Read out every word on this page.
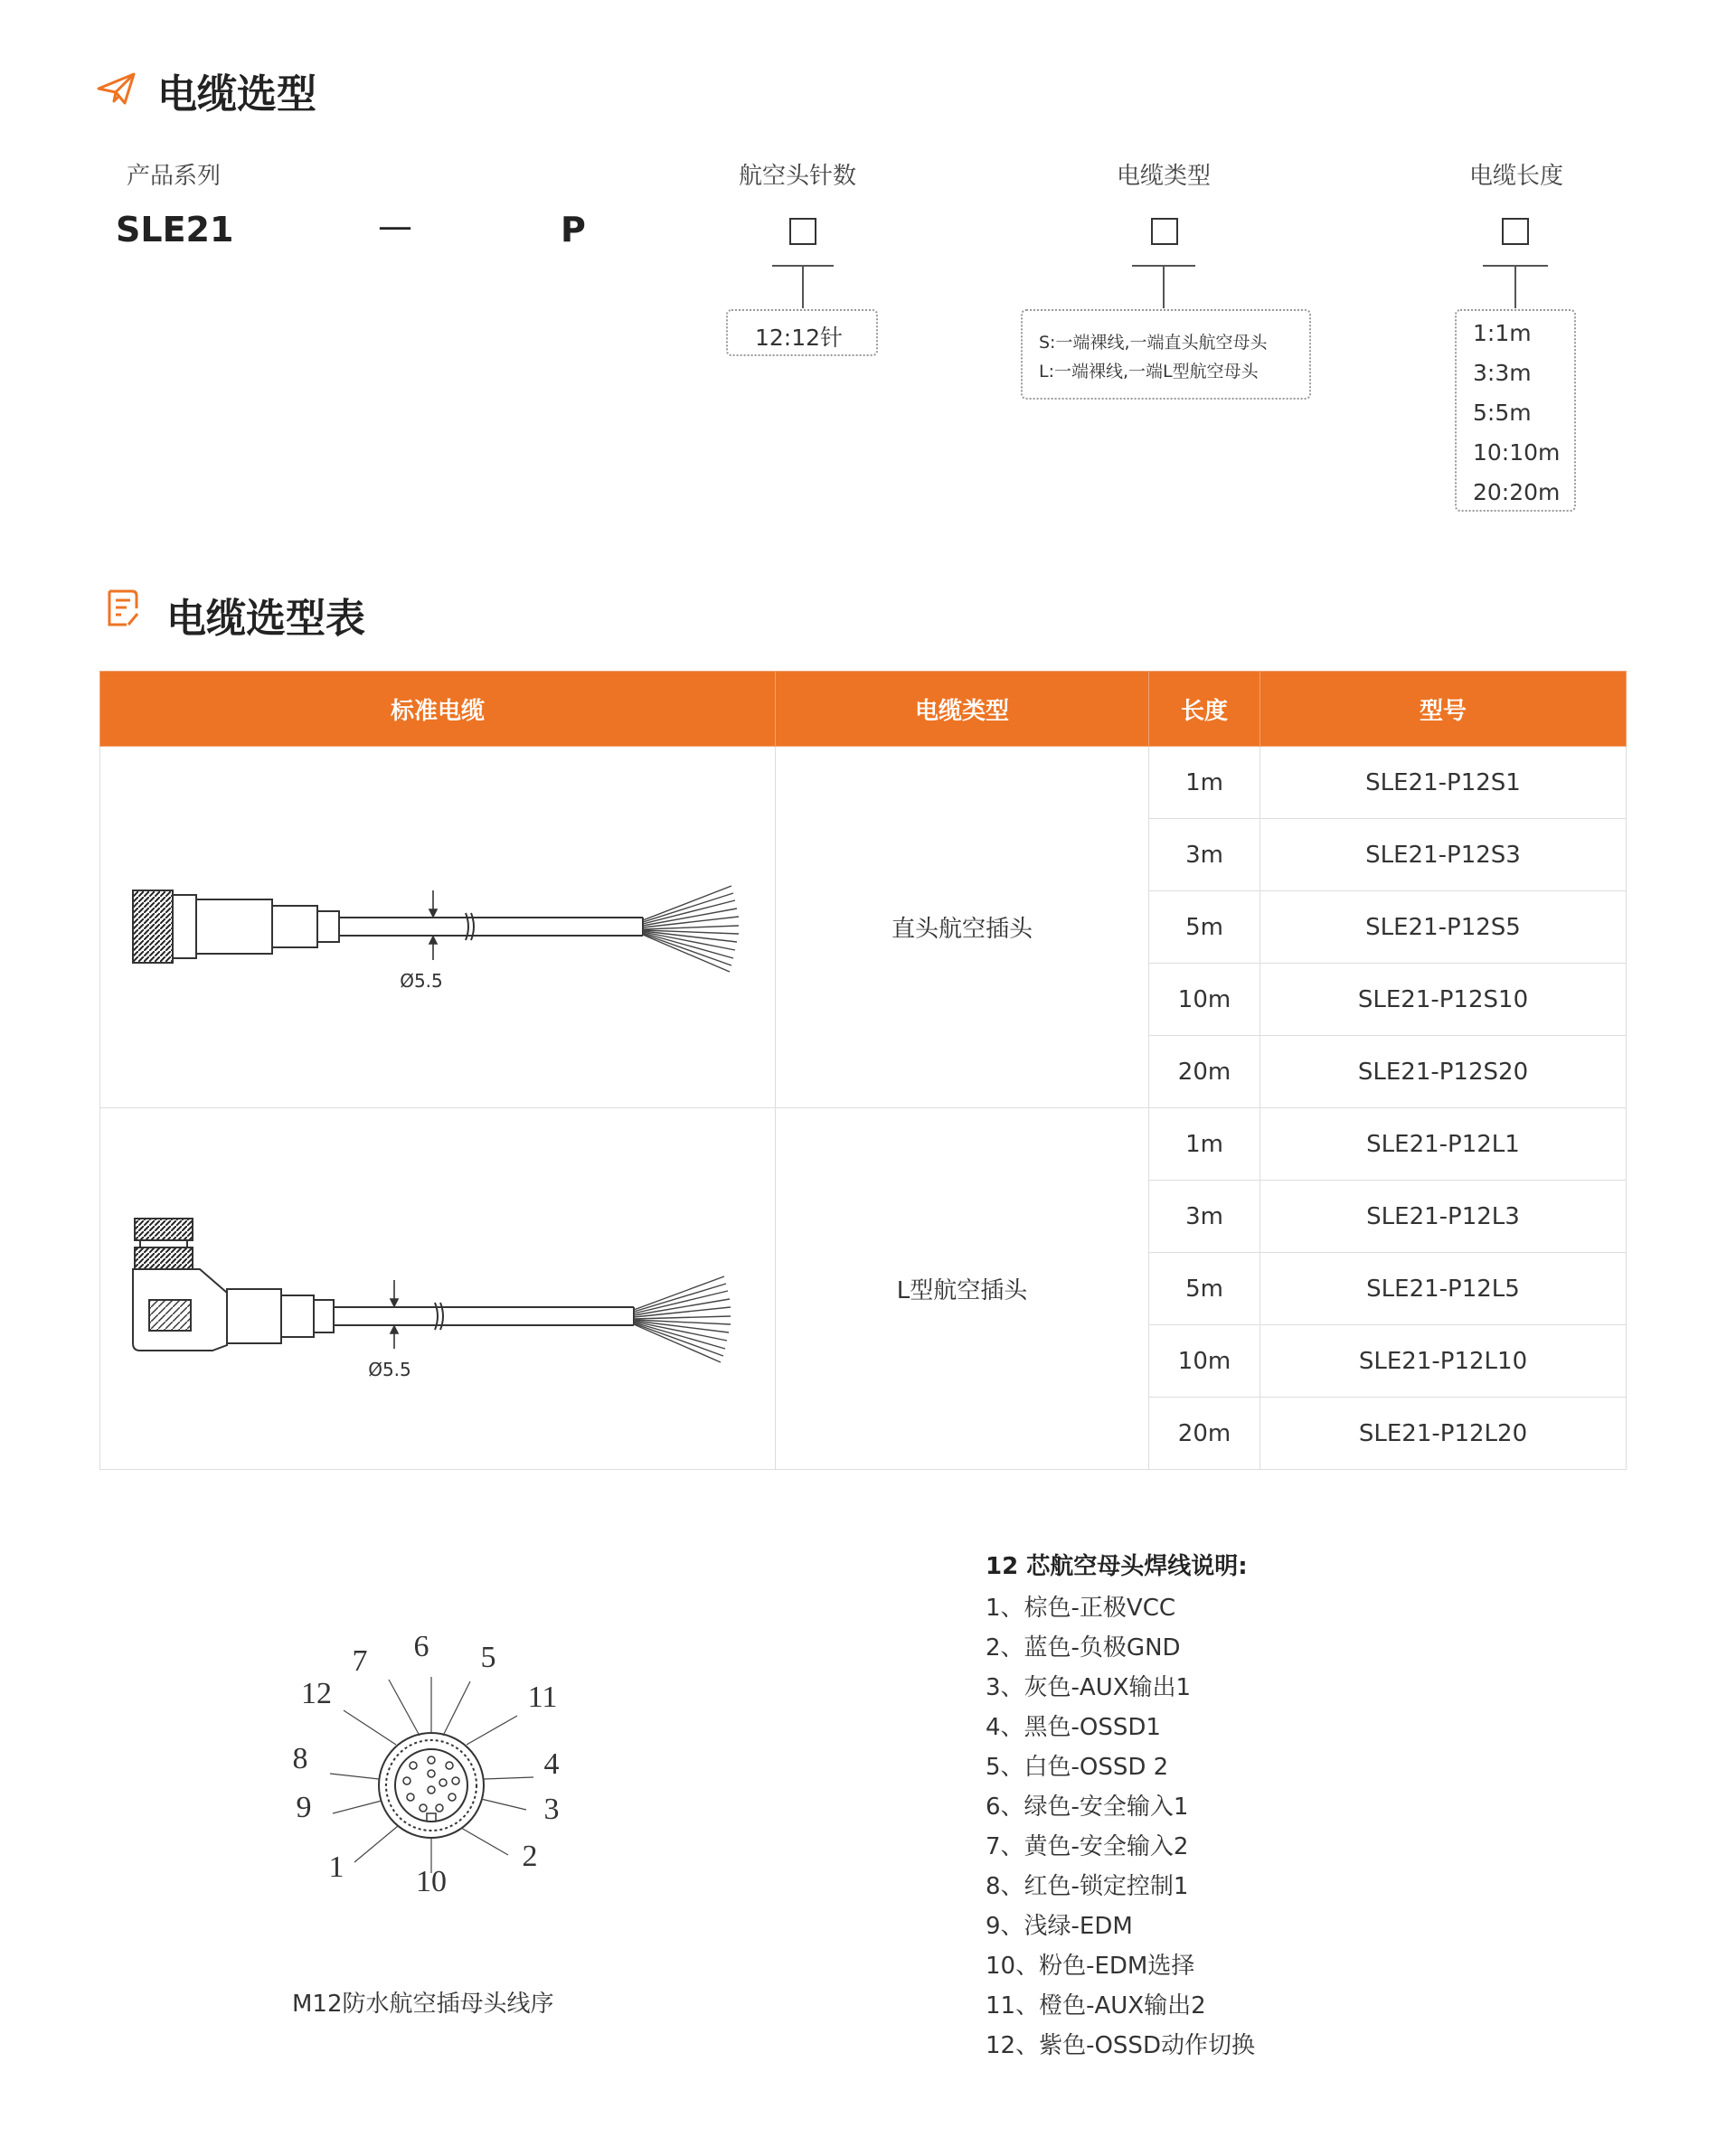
电缆选型
产品系列	航空头针数	电缆类型	电缆长度
SLE21	—	P
12:12针	S:一端裸线,一端直头航空母头
L:一端裸线,一端L型航空母头
1:1m
3:3m
5:5m
10:10m
20:20m
电缆选型表
标准电缆	电缆类型	长度	型号

Ø5.5	直头航空插头	1m	SLE21-P12S1
		3m	SLE21-P12S3
		5m	SLE21-P12S5
		10m	SLE21-P12S10
		20m	SLE21-P12S20

Ø5.5	L型航空插头	1m	SLE21-P12L1
		3m	SLE21-P12L3
		5m	SLE21-P12L5
		10m	SLE21-P12L10
		20m	SLE21-P12L20
7 6 5
12	11
8	4
9	3
1	2
10
M12防水航空插母头线序
12 芯航空母头焊线说明:
1、棕色-正极VCC
2、蓝色-负极GND
3、灰色-AUX输出1
4、黑色-OSSD1
5、白色-OSSD 2
6、绿色-安全输入1
7、黄色-安全输入2
8、红色-锁定控制1
9、浅绿-EDM
10、粉色-EDM选择
11、橙色-AUX输出2
12、紫色-OSSD动作切换
